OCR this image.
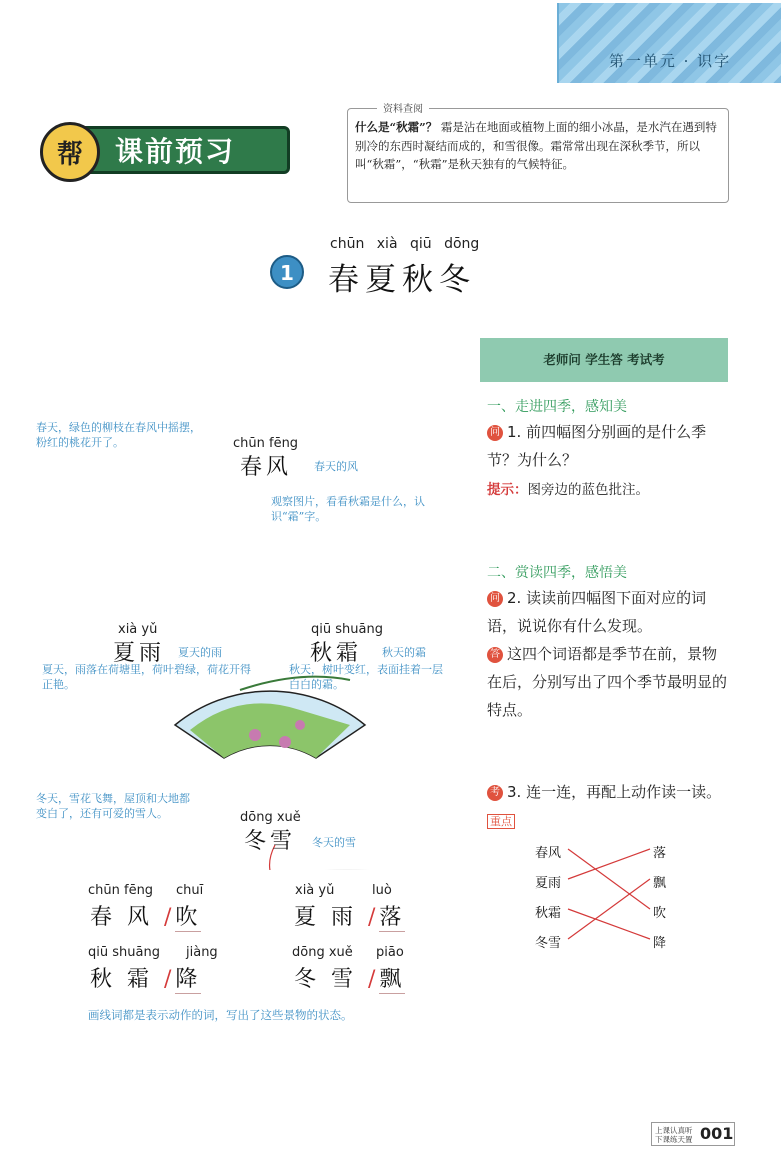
第一单元 · 识字
课前预习
帮
资料查阅
什么是“秋霜”？ 霜是沾在地面或植物上面的细小冰晶，是水汽在遇到特别冷的东西时凝结而成的，和雪很像。霜常常出现在深秋季节，所以叫“秋霜”，“秋霜”是秋天独有的气候特征。
1
chūn xià qiū dōng
春夏秋冬
春天，绿色的柳枝在春风中摇摆，粉红的桃花开了。	chūn fēng
春风 春天的风
观察图片，看看秋霜是什么，认识“霜”字。
xià yǔ
夏雨 夏天的雨
夏天，雨落在荷塘里，荷叶碧绿，荷花开得正艳。
qiū shuāng
秋霜 秋天的霜
秋天，树叶变红，表面挂着一层白白的霜。
冬天，雪花飞舞，屋顶和大地都变白了，还有可爱的雪人。	dōng xuě
冬雪 冬天的雪
chūn fēng chuī
春 风 /吹
xià yǔ	luò
夏 雨 /落
qiū shuāng jiàng
秋 霜 /降
dōng xuě piāo
冬 雪 /飘
画线词都是表示动作的词，写出了这些景物的状态。
老师问 学生答 考试考
一、走进四季，感知美
问 1. 前四幅图分别画的是什么季节？为什么？
提示：图旁边的蓝色批注。
二、赏读四季，感悟美
问 2. 读读前四幅图下面对应的词语，说说你有什么发现。
答 这四个词语都是季节在前，景物在后，分别写出了四个季节最明显的特点。
考 3. 连一连，再配上动作读一读。 重点
春风
夏雨
秋霜
冬雪
落
飘
吹
降
上课认真听
下课练天置 001
